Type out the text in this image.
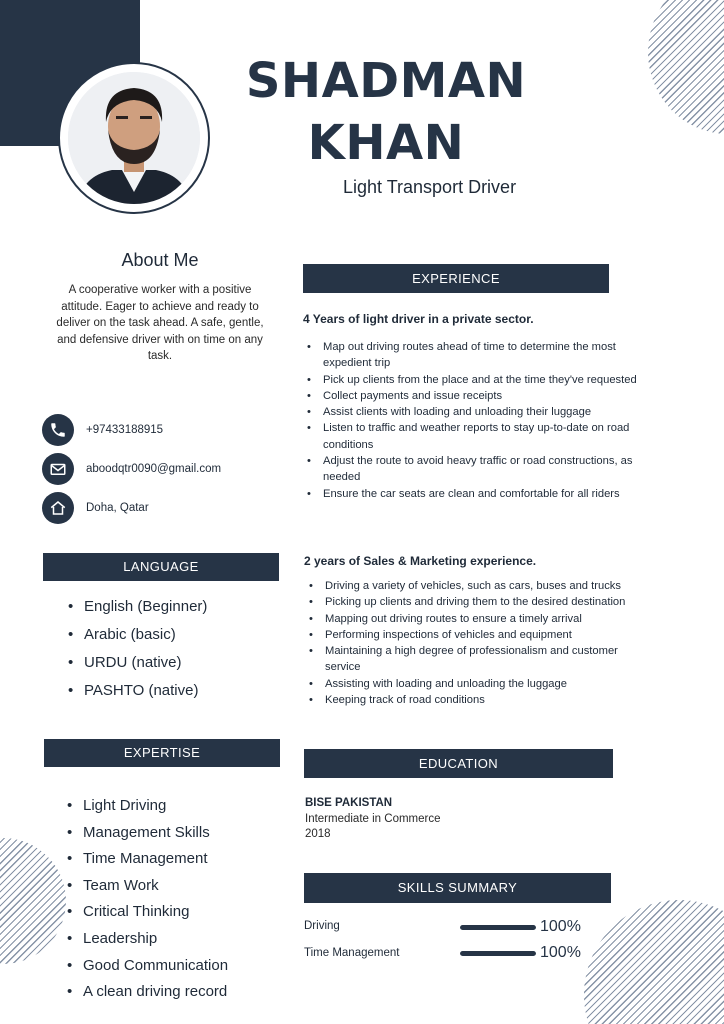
SHADMAN
KHAN
Light Transport Driver
About Me
A cooperative worker with a positive attitude. Eager to achieve and ready to deliver on the task ahead. A safe, gentle, and defensive driver with on time on any task.
+97433188915
aboodqtr0090@gmail.com
Doha, Qatar
LANGUAGE
• English (Beginner)
• Arabic (basic)
• URDU (native)
• PASHTO (native)
EXPERTISE
• Light Driving
• Management Skills
• Time Management
• Team Work
• Critical Thinking
• Leadership
• Good Communication
• A clean driving record
EXPERIENCE
4 Years of light driver in a private sector.
• Map out driving routes ahead of time to determine the most expedient trip
• Pick up clients from the place and at the time they've requested
• Collect payments and issue receipts
• Assist clients with loading and unloading their luggage
• Listen to traffic and weather reports to stay up-to-date on road conditions
• Adjust the route to avoid heavy traffic or road constructions, as needed
• Ensure the car seats are clean and comfortable for all riders
2 years of Sales & Marketing experience.
• Driving a variety of vehicles, such as cars, buses and trucks
• Picking up clients and driving them to the desired destination
• Mapping out driving routes to ensure a timely arrival
• Performing inspections of vehicles and equipment
• Maintaining a high degree of professionalism and customer service
• Assisting with loading and unloading the luggage
• Keeping track of road conditions
EDUCATION
BISE PAKISTAN
Intermediate in Commerce
2018
SKILLS SUMMARY
Driving	100%
Time Management	100%
